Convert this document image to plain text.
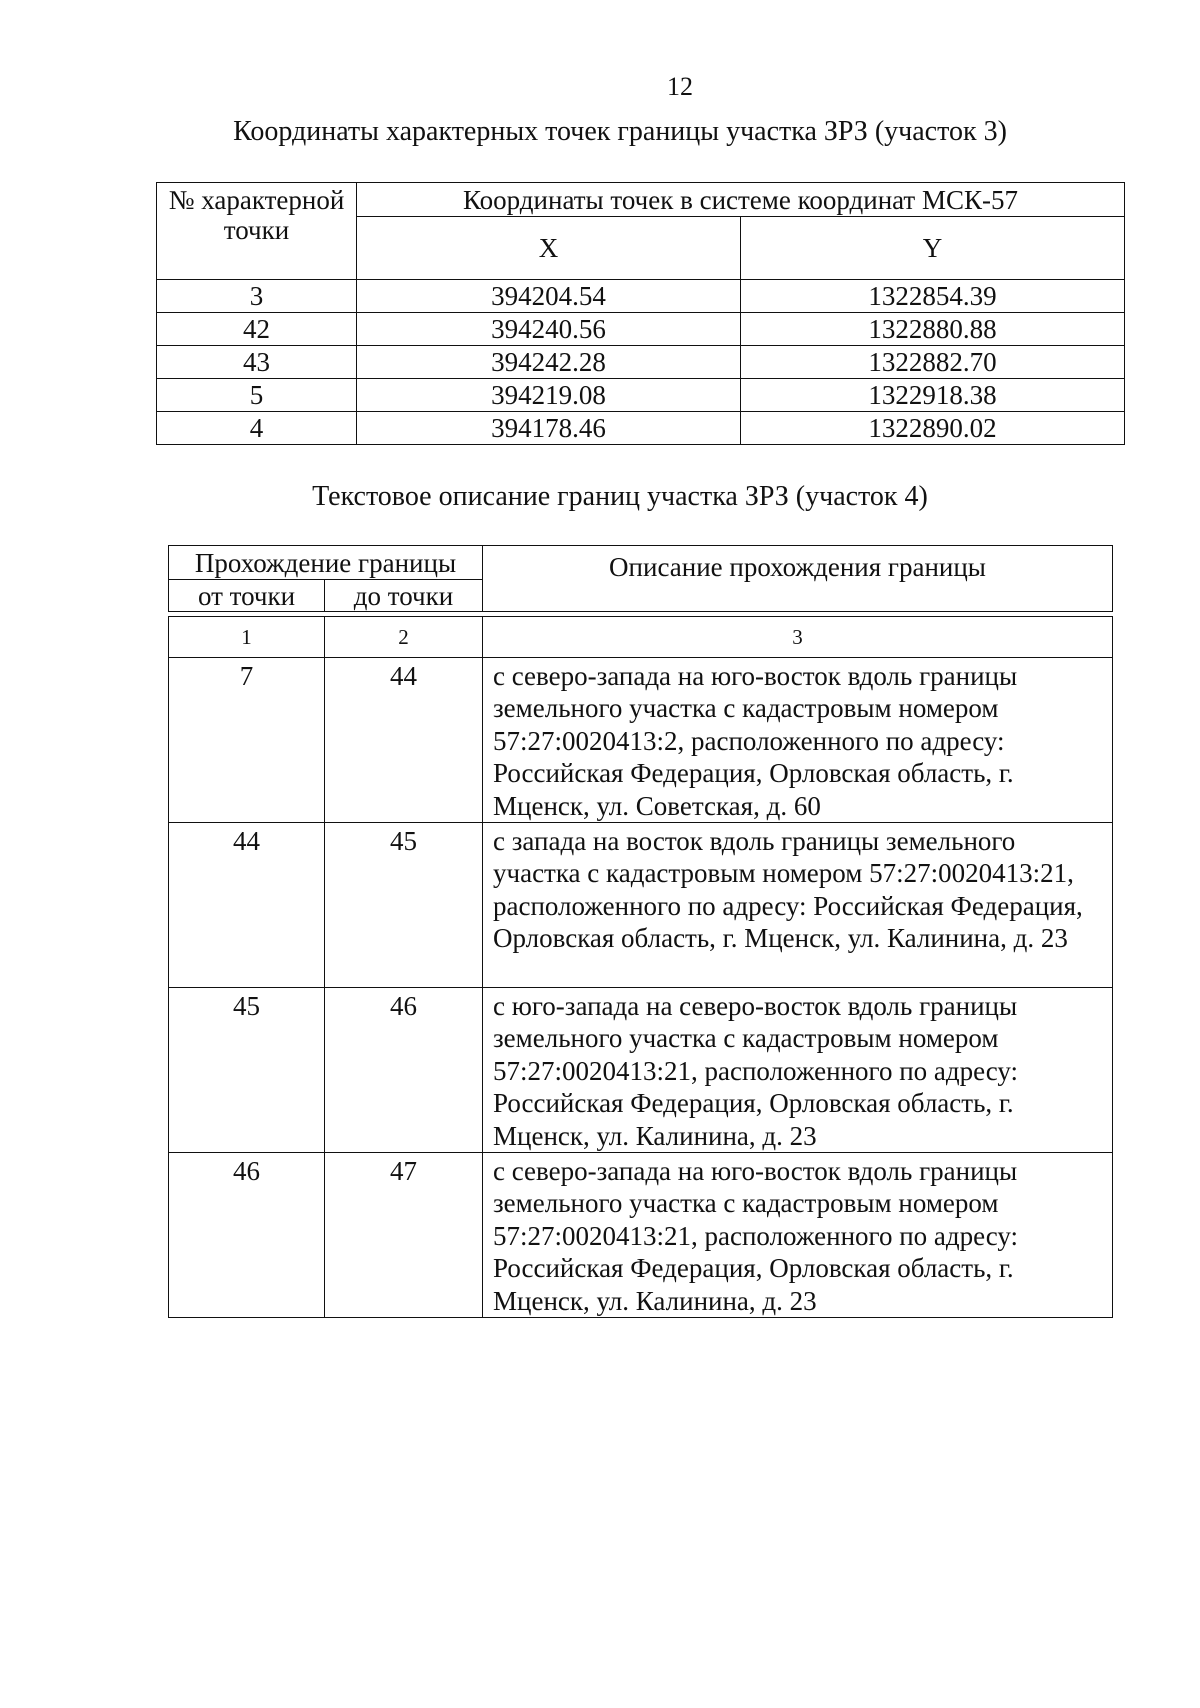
12
Координаты характерных точек границы участка ЗРЗ (участок 3)
№ характерной точки	Координаты точек в системе координат МСК-57	
	X	Y
3	394204.54	1322854.39
42	394240.56	1322880.88
43	394242.28	1322882.70
5	394219.08	1322918.38
4	394178.46	1322890.02
Текстовое описание границ участка ЗРЗ (участок 4)
Прохождение границы		Описание прохождения границы
от точки	до точки	

1	2	3
7	44	с северо-запада на юго-восток вдоль границы земельного участка с кадастровым номером 57:27:0020413:2, расположенного по адресу: Российская Федерация, Орловская область, г. Мценск, ул. Советская, д. 60
44	45	с запада на восток вдоль границы земельного участка с кадастровым номером 57:27:0020413:21, расположенного по адресу: Российская Федерация, Орловская область, г. Мценск, ул. Калинина, д. 23
45	46	с юго-запада на северо-восток вдоль границы земельного участка с кадастровым номером 57:27:0020413:21, расположенного по адресу: Российская Федерация, Орловская область, г. Мценск, ул. Калинина, д. 23
46	47	с северо-запада на юго-восток вдоль границы земельного участка с кадастровым номером 57:27:0020413:21, расположенного по адресу: Российская Федерация, Орловская область, г. Мценск, ул. Калинина, д. 23
